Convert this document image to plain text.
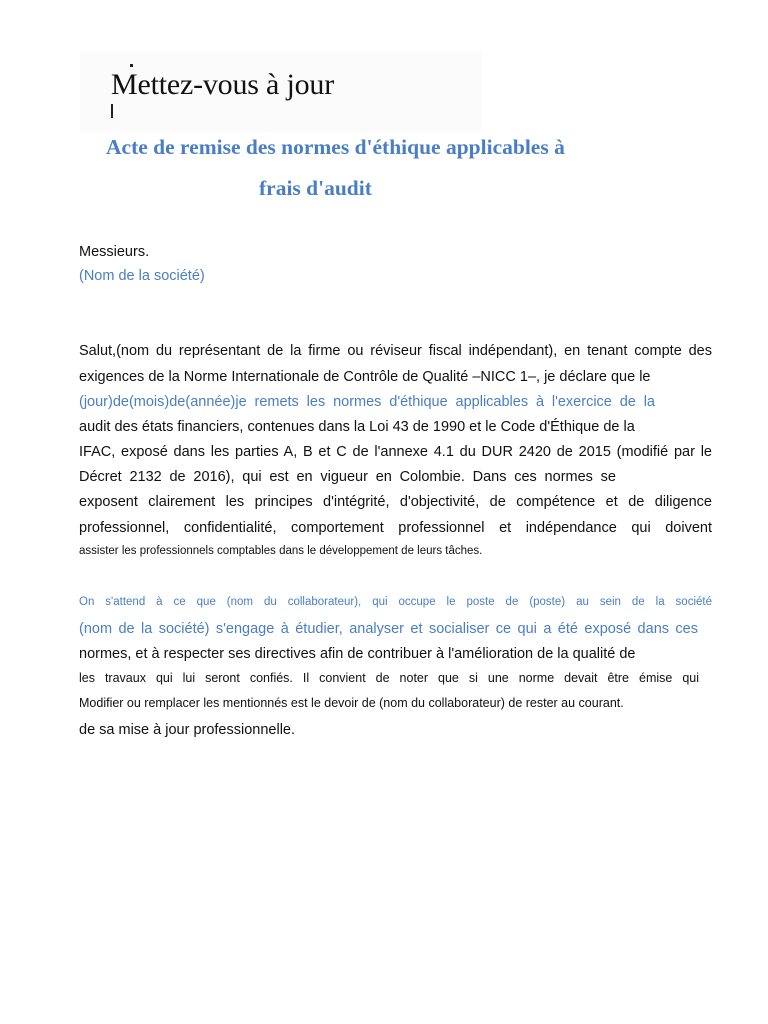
Mettez-vous à jour
Acte de remise des normes d'éthique applicables à
frais d'audit
Messieurs.
(Nom de la société)
Salut,(nom du représentant de la firme ou réviseur fiscal indépendant), en tenant compte des
exigences de la Norme Internationale de Contrôle de Qualité –NICC 1–, je déclare que le
(jour)de(mois)de(année)je remets les normes d'éthique applicables à l'exercice de la
audit des états financiers, contenues dans la Loi 43 de 1990 et le Code d'Éthique de la
IFAC, exposé dans les parties A, B et C de l'annexe 4.1 du DUR 2420 de 2015 (modifié par le
Décret 2132 de 2016), qui est en vigueur en Colombie. Dans ces normes se
exposent clairement les principes d'intégrité, d'objectivité, de compétence et de diligence
professionnel, confidentialité, comportement professionnel et indépendance qui doivent
assister les professionnels comptables dans le développement de leurs tâches.
On s'attend à ce que (nom du collaborateur), qui occupe le poste de (poste) au sein de la société
(nom de la société) s'engage à étudier, analyser et socialiser ce qui a été exposé dans ces
normes, et à respecter ses directives afin de contribuer à l'amélioration de la qualité de
les travaux qui lui seront confiés. Il convient de noter que si une norme devait être émise qui
Modifier ou remplacer les mentionnés est le devoir de (nom du collaborateur) de rester au courant.
de sa mise à jour professionnelle.
